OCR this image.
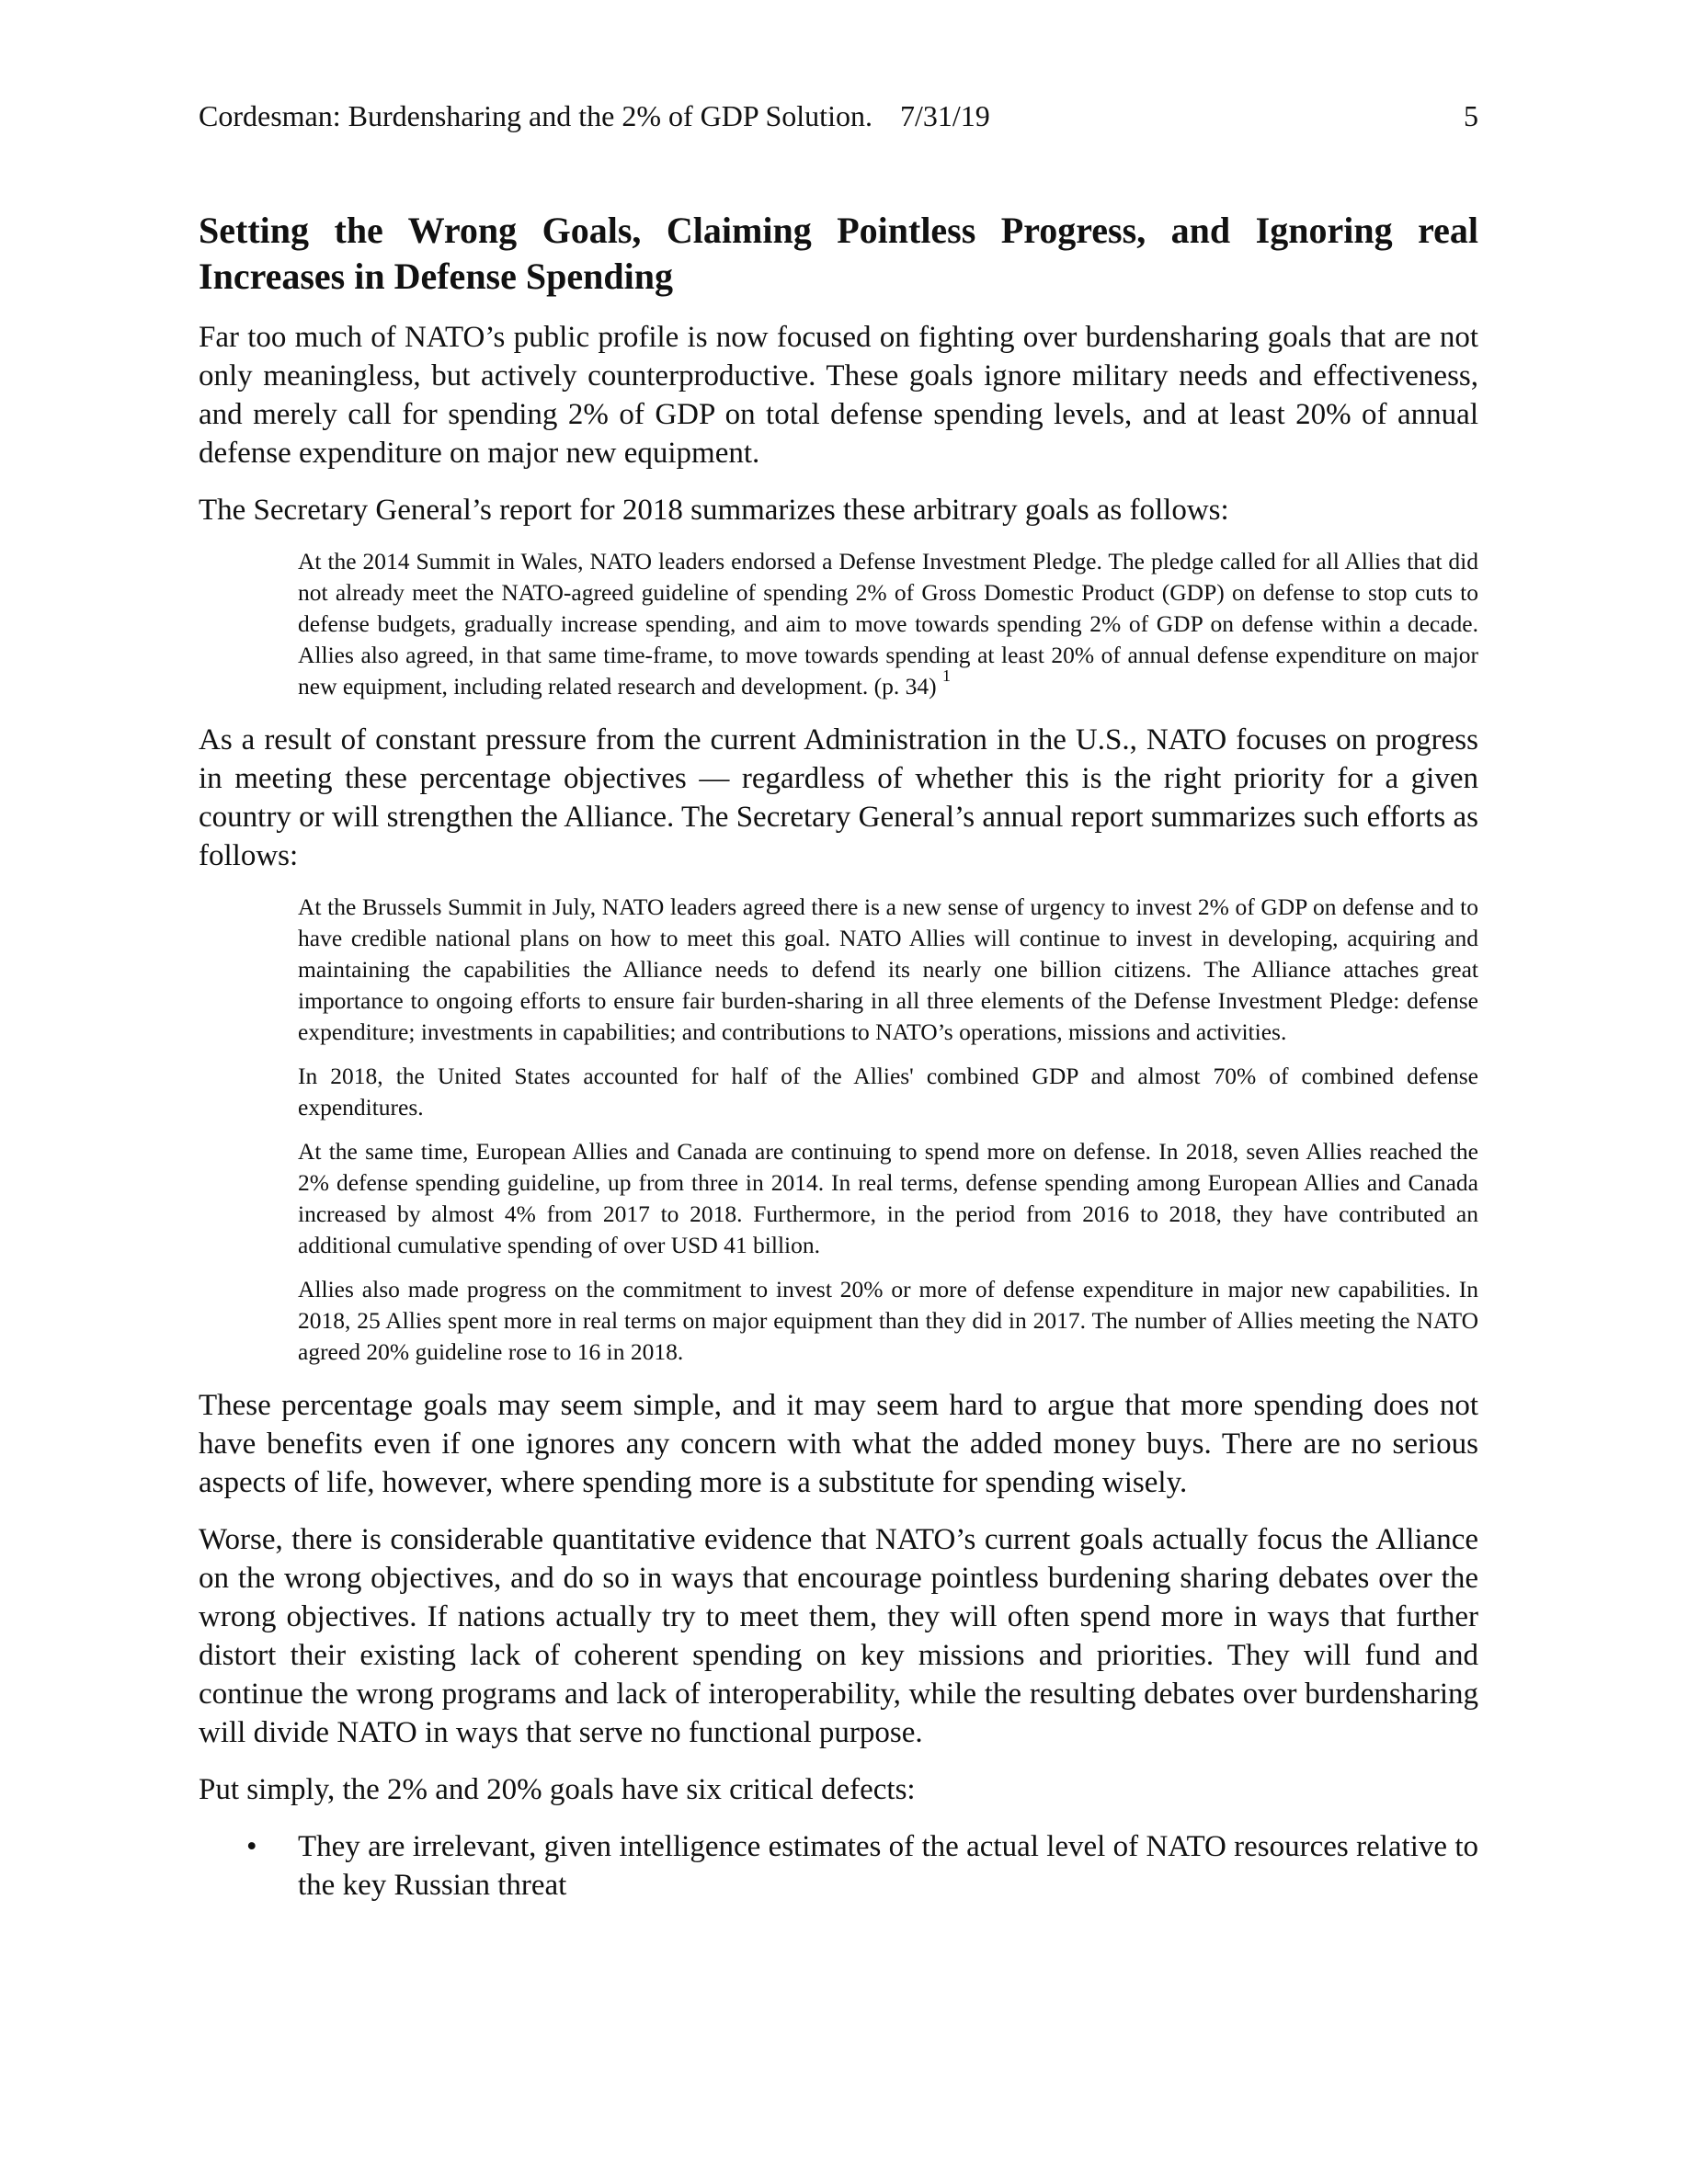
Cordesman: Burdensharing and the 2% of GDP Solution. 7/31/19	5
Setting the Wrong Goals, Claiming Pointless Progress, and Ignoring real Increases in Defense Spending

Far too much of NATO’s public profile is now focused on fighting over burdensharing goals that are not only meaningless, but actively counterproductive. These goals ignore military needs and effectiveness, and merely call for spending 2% of GDP on total defense spending levels, and at least 20% of annual defense expenditure on major new equipment.

The Secretary General’s report for 2018 summarizes these arbitrary goals as follows:

At the 2014 Summit in Wales, NATO leaders endorsed a Defense Investment Pledge. The pledge called for all Allies that did not already meet the NATO-agreed guideline of spending 2% of Gross Domestic Product (GDP) on defense to stop cuts to defense budgets, gradually increase spending, and aim to move towards spending 2% of GDP on defense within a decade. Allies also agreed, in that same time-frame, to move towards spending at least 20% of annual defense expenditure on major new equipment, including related research and development. (p. 34) $^1$

As a result of constant pressure from the current Administration in the U.S., NATO focuses on progress in meeting these percentage objectives — regardless of whether this is the right priority for a given country or will strengthen the Alliance. The Secretary General’s annual report summarizes such efforts as follows:

At the Brussels Summit in July, NATO leaders agreed there is a new sense of urgency to invest 2% of GDP on defense and to have credible national plans on how to meet this goal. NATO Allies will continue to invest in developing, acquiring and maintaining the capabilities the Alliance needs to defend its nearly one billion citizens. The Alliance attaches great importance to ongoing efforts to ensure fair burden-sharing in all three elements of the Defense Investment Pledge: defense expenditure; investments in capabilities; and contributions to NATO’s operations, missions and activities.

In 2018, the United States accounted for half of the Allies' combined GDP and almost 70% of combined defense expenditures.

At the same time, European Allies and Canada are continuing to spend more on defense. In 2018, seven Allies reached the 2% defense spending guideline, up from three in 2014. In real terms, defense spending among European Allies and Canada increased by almost 4% from 2017 to 2018. Furthermore, in the period from 2016 to 2018, they have contributed an additional cumulative spending of over USD 41 billion.

Allies also made progress on the commitment to invest 20% or more of defense expenditure in major new capabilities. In 2018, 25 Allies spent more in real terms on major equipment than they did in 2017. The number of Allies meeting the NATO agreed 20% guideline rose to 16 in 2018.

These percentage goals may seem simple, and it may seem hard to argue that more spending does not have benefits even if one ignores any concern with what the added money buys. There are no serious aspects of life, however, where spending more is a substitute for spending wisely.

Worse, there is considerable quantitative evidence that NATO’s current goals actually focus the Alliance on the wrong objectives, and do so in ways that encourage pointless burdening sharing debates over the wrong objectives. If nations actually try to meet them, they will often spend more in ways that further distort their existing lack of coherent spending on key missions and priorities. They will fund and continue the wrong programs and lack of interoperability, while the resulting debates over burdensharing will divide NATO in ways that serve no functional purpose.

Put simply, the 2% and 20% goals have six critical defects:

•	They are irrelevant, given intelligence estimates of the actual level of NATO resources relative to the key Russian threat
